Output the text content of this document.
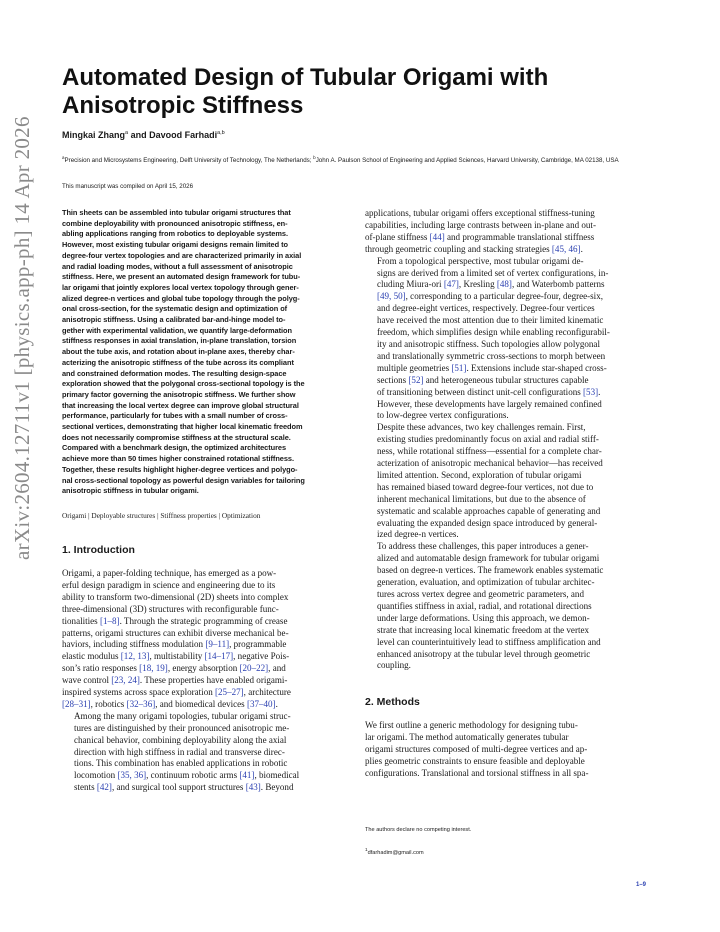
arXiv:2604.12711v1 [physics.app-ph] 14 Apr 2026
Automated Design of Tubular Origami with
Anisotropic Stiffness
Mingkai Zhang$^a$ and Davood Farhadi$^{a,b}$
$^a$Precision and Microsystems Engineering, Delft University of Technology, The Netherlands; $^b$John A. Paulson School of Engineering and Applied Sciences, Harvard University, Cambridge, MA 02138, USA
This manuscript was compiled on April 15, 2026

Thin sheets can be assembled into tubular origami structures that
combine deployability with pronounced anisotropic stiffness, en-
abling applications ranging from robotics to deployable systems.
However, most existing tubular origami designs remain limited to
degree-four vertex topologies and are characterized primarily in axial
and radial loading modes, without a full assessment of anisotropic
stiffness. Here, we present an automated design framework for tubu-
lar origami that jointly explores local vertex topology through gener-
alized degree-n vertices and global tube topology through the polyg-
onal cross-section, for the systematic design and optimization of
anisotropic stiffness. Using a calibrated bar-and-hinge model to-
gether with experimental validation, we quantify large-deformation
stiffness responses in axial translation, in-plane translation, torsion
about the tube axis, and rotation about in-plane axes, thereby char-
acterizing the anisotropic stiffness of the tube across its compliant
and constrained deformation modes. The resulting design-space
exploration showed that the polygonal cross-sectional topology is the
primary factor governing the anisotropic stiffness. We further show
that increasing the local vertex degree can improve global structural
performance, particularly for tubes with a small number of cross-
sectional vertices, demonstrating that higher local kinematic freedom
does not necessarily compromise stiffness at the structural scale.
Compared with a benchmark design, the optimized architectures
achieve more than 50 times higher constrained rotational stiffness.
Together, these results highlight higher-degree vertices and polygo-
nal cross-sectional topology as powerful design variables for tailoring
anisotropic stiffness in tubular origami.

Origami | Deployable structures | Stiffness properties | Optimization
1. Introduction

Origami, a paper-folding technique, has emerged as a pow-
erful design paradigm in science and engineering due to its
ability to transform two-dimensional (2D) sheets into complex
three-dimensional (3D) structures with reconfigurable func-
tionalities [1–8]. Through the strategic programming of crease
patterns, origami structures can exhibit diverse mechanical be-
haviors, including stiffness modulation [9–11], programmable
elastic modulus [12, 13], multistability [14–17], negative Pois-
son’s ratio responses [18, 19], energy absorption [20–22], and
wave control [23, 24]. These properties have enabled origami-
inspired systems across space exploration [25–27], architecture
[28–31], robotics [32–36], and biomedical devices [37–40].

Among the many origami topologies, tubular origami struc-
tures are distinguished by their pronounced anisotropic me-
chanical behavior, combining deployability along the axial
direction with high stiffness in radial and transverse direc-
tions. This combination has enabled applications in robotic
locomotion [35, 36], continuum robotic arms [41], biomedical
stents [42], and surgical tool support structures [43]. Beyond

applications, tubular origami offers exceptional stiffness-tuning
capabilities, including large contrasts between in-plane and out-
of-plane stiffness [44] and programmable translational stiffness
through geometric coupling and stacking strategies [45, 46].

From a topological perspective, most tubular origami de-
signs are derived from a limited set of vertex configurations, in-
cluding Miura-ori [47], Kresling [48], and Waterbomb patterns
[49, 50], corresponding to a particular degree-four, degree-six,
and degree-eight vertices, respectively. Degree-four vertices
have received the most attention due to their limited kinematic
freedom, which simplifies design while enabling reconfigurabil-
ity and anisotropic stiffness. Such topologies allow polygonal
and translationally symmetric cross-sections to morph between
multiple geometries [51]. Extensions include star-shaped cross-
sections [52] and heterogeneous tubular structures capable
of transitioning between distinct unit-cell configurations [53].
However, these developments have largely remained confined
to low-degree vertex configurations.

Despite these advances, two key challenges remain. First,
existing studies predominantly focus on axial and radial stiff-
ness, while rotational stiffness—essential for a complete char-
acterization of anisotropic mechanical behavior—has received
limited attention. Second, exploration of tubular origami
has remained biased toward degree-four vertices, not due to
inherent mechanical limitations, but due to the absence of
systematic and scalable approaches capable of generating and
evaluating the expanded design space introduced by general-
ized degree-n vertices.

To address these challenges, this paper introduces a gener-
alized and automatable design framework for tubular origami
based on degree-n vertices. The framework enables systematic
generation, evaluation, and optimization of tubular architec-
tures across vertex degree and geometric parameters, and
quantifies stiffness in axial, radial, and rotational directions
under large deformations. Using this approach, we demon-
strate that increasing local kinematic freedom at the vertex
level can counterintuitively lead to stiffness amplification and
enhanced anisotropy at the tubular level through geometric
coupling.

2. Methods

We first outline a generic methodology for designing tubu-
lar origami. The method automatically generates tubular
origami structures composed of multi-degree vertices and ap-
plies geometric constraints to ensure feasible and deployable
configurations. Translational and torsional stiffness in all spa-

The authors declare no competing interest.
$^1$dfarhadim@gmail.com
1–9
